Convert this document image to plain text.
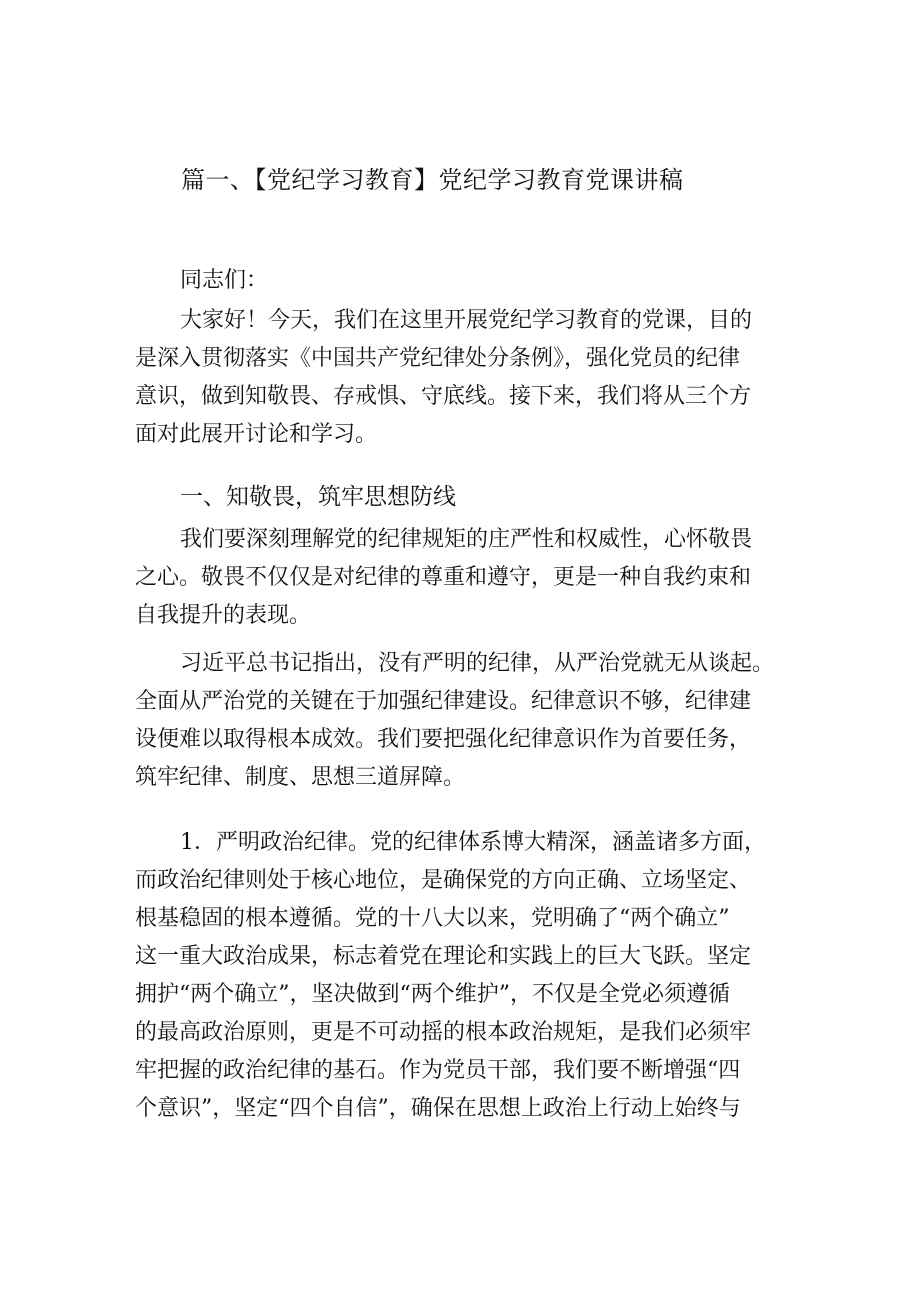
篇一、【党纪学习教育】党纪学习教育党课讲稿
同志们：
大家好！今天，我们在这里开展党纪学习教育的党课，目的
是深入贯彻落实《中国共产党纪律处分条例》，强化党员的纪律
意识，做到知敬畏、存戒惧、守底线。接下来，我们将从三个方
面对此展开讨论和学习。
一、知敬畏，筑牢思想防线
我们要深刻理解党的纪律规矩的庄严性和权威性，心怀敬畏
之心。敬畏不仅仅是对纪律的尊重和遵守，更是一种自我约束和
自我提升的表现。
习近平总书记指出，没有严明的纪律，从严治党就无从谈起。
全面从严治党的关键在于加强纪律建设。纪律意识不够，纪律建
设便难以取得根本成效。我们要把强化纪律意识作为首要任务，
筑牢纪律、制度、思想三道屏障。
1．严明政治纪律。党的纪律体系博大精深，涵盖诸多方面，
而政治纪律则处于核心地位，是确保党的方向正确、立场坚定、
根基稳固的根本遵循。党的十八大以来，党明确了“两个确立”
这一重大政治成果，标志着党在理论和实践上的巨大飞跃。坚定
拥护“两个确立”，坚决做到“两个维护”，不仅是全党必须遵循
的最高政治原则，更是不可动摇的根本政治规矩，是我们必须牢
牢把握的政治纪律的基石。作为党员干部，我们要不断增强“四
个意识”，坚定“四个自信”，确保在思想上政治上行动上始终与
